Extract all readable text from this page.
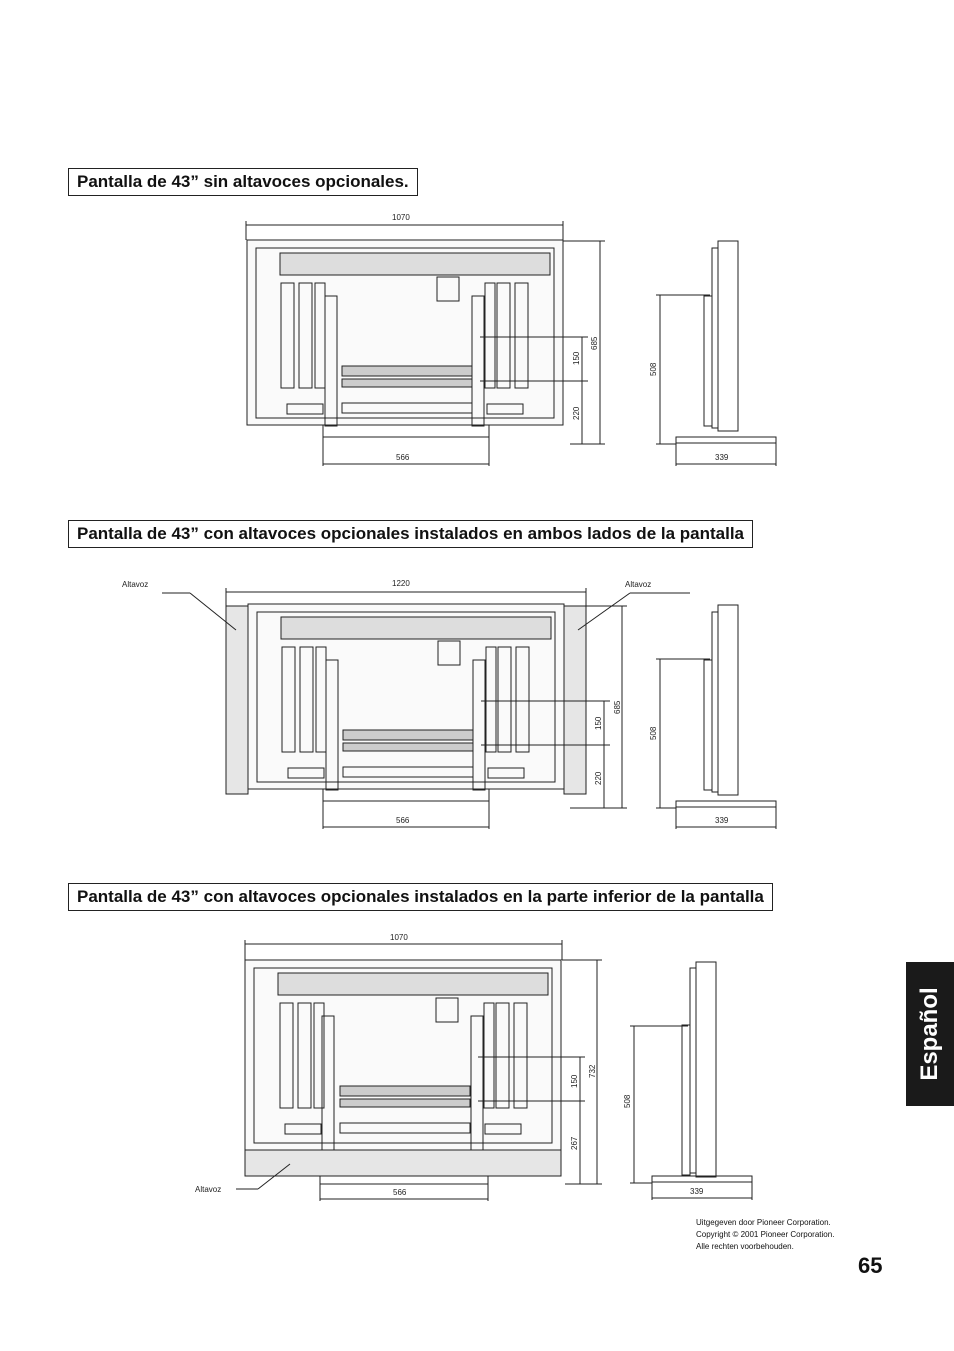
Pantalla de 43” sin altavoces opcionales.
Pantalla de 43” con altavoces opcionales instalados en ambos lados de la pantalla
Pantalla de 43” con altavoces opcionales instalados en la parte inferior de la pantalla
1070
566	339
685
150
220
508
Altavoz	Altavoz
1220
566	339
685
150
220
508
Altavoz
1070
566	339
732
150
267
508
Español
Uitgegeven door Pioneer Corporation.
Copyright © 2001 Pioneer Corporation.
Alle rechten voorbehouden.
65
